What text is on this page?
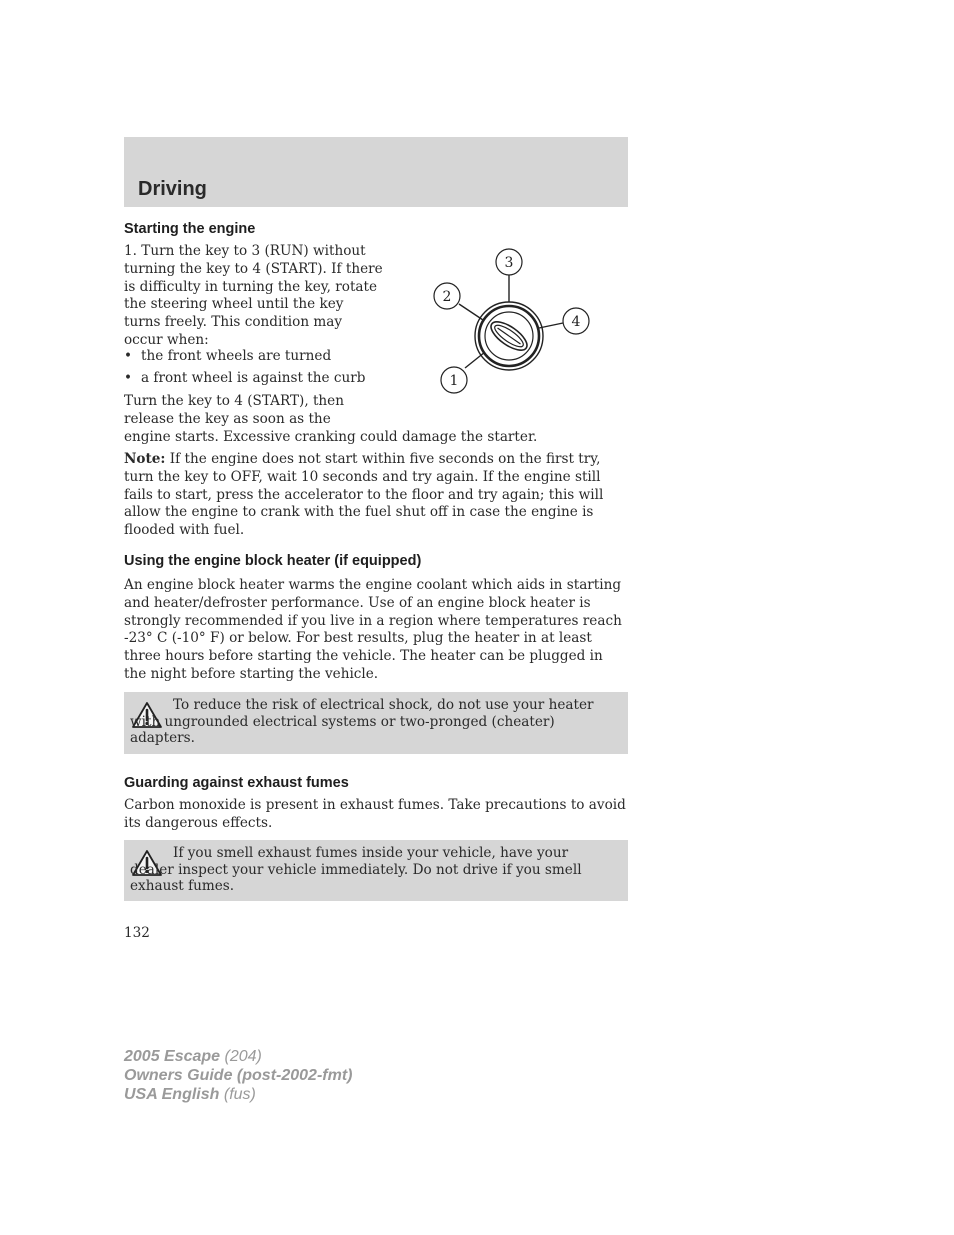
Driving
Starting the engine
1. Turn the key to 3 (RUN) without turning the key to 4 (START). If there is difficulty in turning the key, rotate the steering wheel until the key turns freely. This condition may occur when:
• the front wheels are turned
• a front wheel is against the curb
Turn the key to 4 (START), then
release the key as soon as the
engine starts. Excessive cranking could damage the starter.
Note: If the engine does not start within five seconds on the first try, turn the key to OFF, wait 10 seconds and try again. If the engine still fails to start, press the accelerator to the floor and try again; this will allow the engine to crank with the fuel shut off in case the engine is flooded with fuel.
3
2
4
1
Using the engine block heater (if equipped)
An engine block heater warms the engine coolant which aids in starting and heater/defroster performance. Use of an engine block heater is strongly recommended if you live in a region where temperatures reach -23° C (-10° F) or below. For best results, plug the heater in at least three hours before starting the vehicle. The heater can be plugged in the night before starting the vehicle.
To reduce the risk of electrical shock, do not use your heater with ungrounded electrical systems or two-pronged (cheater) adapters.
Guarding against exhaust fumes
Carbon monoxide is present in exhaust fumes. Take precautions to avoid its dangerous effects.
If you smell exhaust fumes inside your vehicle, have your dealer inspect your vehicle immediately. Do not drive if you smell exhaust fumes.
132
2005 Escape (204)
Owners Guide (post-2002-fmt)
USA English (fus)
